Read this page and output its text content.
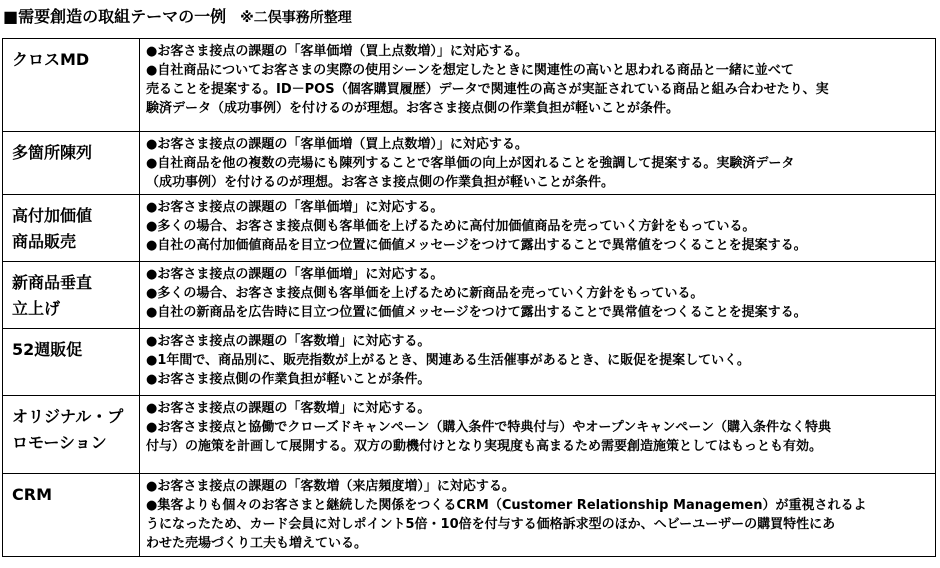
■需要創造の取組テーマの一例 ※二俣事務所整理
クロスMD	●お客さま接点の課題の「客単価増（買上点数増）」に対応する。
●自社商品についてお客さまの実際の使用シーンを想定したときに関連性の高いと思われる商品と一緒に並べて
売ることを提案する。ID－POS（個客購買履歴）データで関連性の高さが実証されている商品と組み合わせたり、実
験済データ（成功事例）を付けるのが理想。お客さま接点側の作業負担が軽いことが条件。

多箇所陳列	●お客さま接点の課題の「客単価増（買上点数増）」に対応する。
●自社商品を他の複数の売場にも陳列することで客単価の向上が図れることを強調して提案する。実験済データ
（成功事例）を付けるのが理想。お客さま接点側の作業負担が軽いことが条件。

高付加価値
商品販売	●お客さま接点の課題の「客単価増」に対応する。
●多くの場合、お客さま接点側も客単価を上げるために高付加価値商品を売っていく方針をもっている。
●自社の高付加価値商品を目立つ位置に価値メッセージをつけて露出することで異常値をつくることを提案する。

新商品垂直
立上げ	●お客さま接点の課題の「客単価増」に対応する。
●多くの場合、お客さま接点側も客単価を上げるために新商品を売っていく方針をもっている。
●自社の新商品を広告時に目立つ位置に価値メッセージをつけて露出することで異常値をつくることを提案する。

52週販促	●お客さま接点の課題の「客数増」に対応する。
●1年間で、商品別に、販売指数が上がるとき、関連ある生活催事があるとき、に販促を提案していく。
●お客さま接点側の作業負担が軽いことが条件。

オリジナル・プ
ロモーション	●お客さま接点の課題の「客数増」に対応する。
●お客さま接点と協働でクローズドキャンペーン（購入条件で特典付与）やオープンキャンペーン（購入条件なく特典
付与）の施策を計画して展開する。双方の動機付けとなり実現度も高まるため需要創造施策としてはもっとも有効。

CRM	●お客さま接点の課題の「客数増（来店頻度増）」に対応する。
●集客よりも個々のお客さまと継続した関係をつくるCRM（Customer Relationship Managemen）が重視されるよ
うになったため、カード会員に対しポイント5倍・10倍を付与する価格訴求型のほか、ヘビーユーザーの購買特性にあ
わせた売場づくり工夫も増えている。
